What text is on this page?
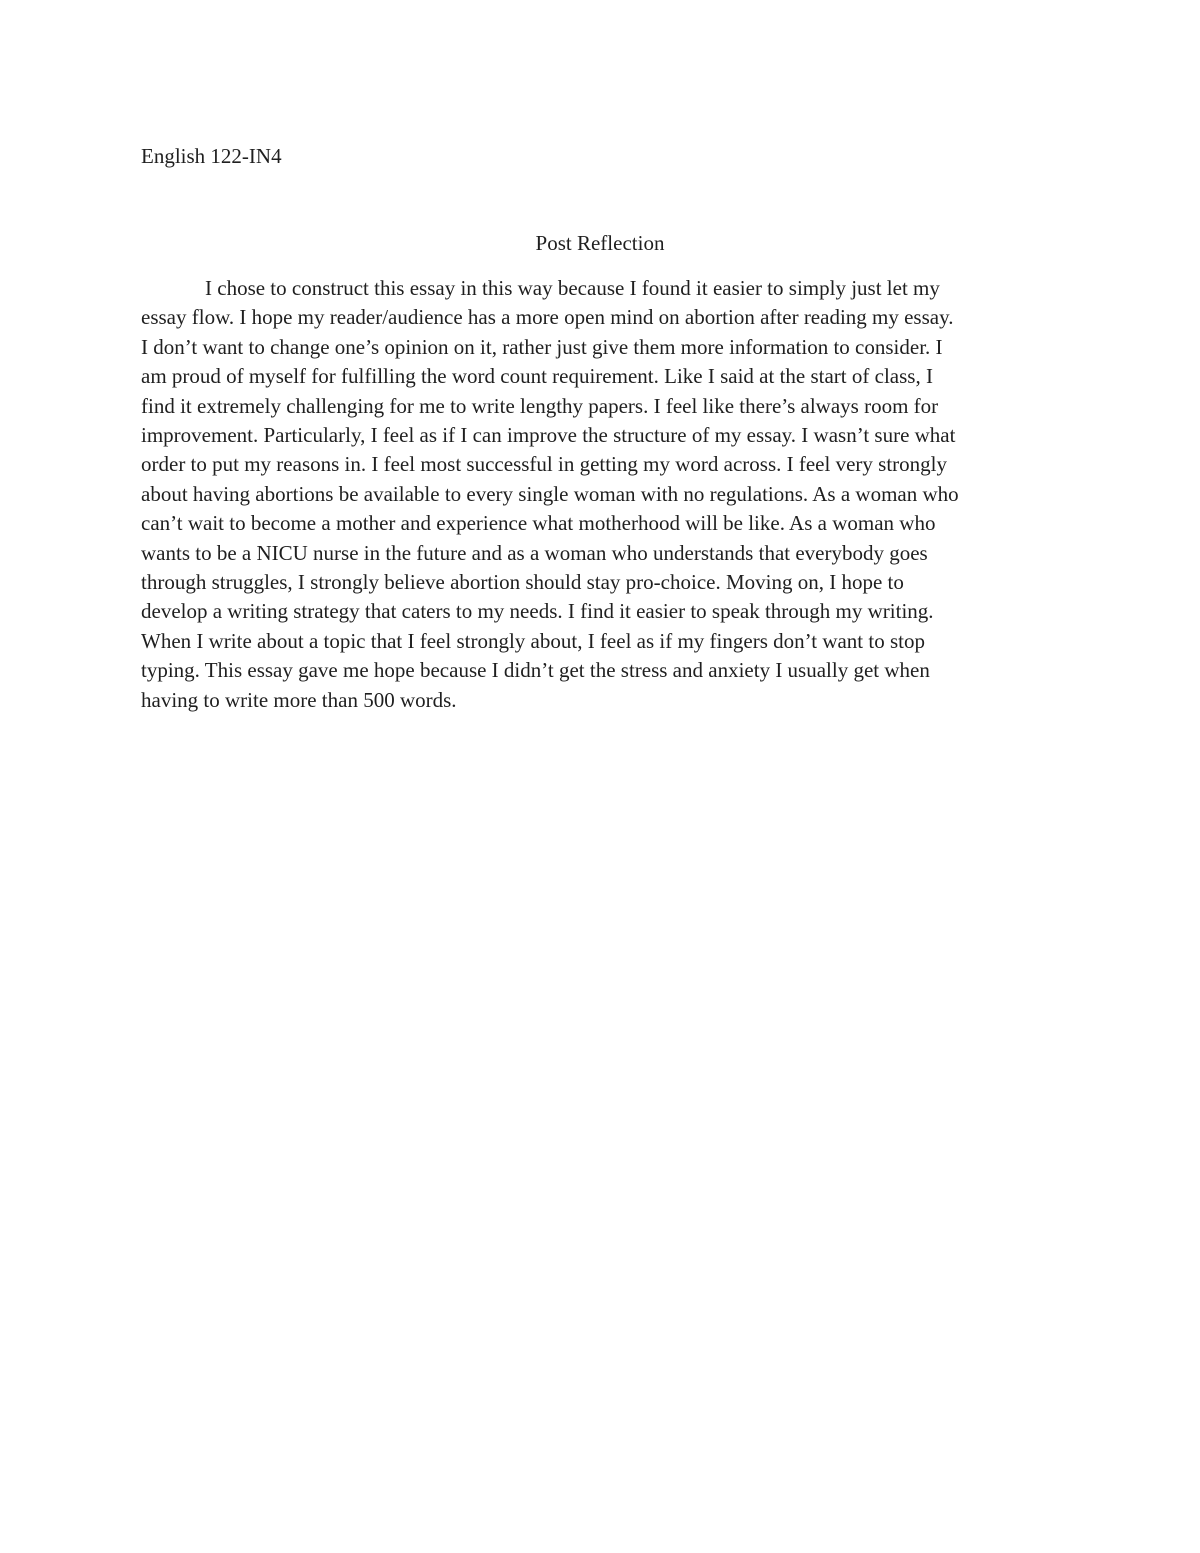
English 122-IN4

Post Reflection
I chose to construct this essay in this way because I found it easier to simply just let my
essay flow. I hope my reader/audience has a more open mind on abortion after reading my essay.
I don’t want to change one’s opinion on it, rather just give them more information to consider. I
am proud of myself for fulfilling the word count requirement. Like I said at the start of class, I
find it extremely challenging for me to write lengthy papers. I feel like there’s always room for
improvement. Particularly, I feel as if I can improve the structure of my essay. I wasn’t sure what
order to put my reasons in. I feel most successful in getting my word across. I feel very strongly
about having abortions be available to every single woman with no regulations. As a woman who
can’t wait to become a mother and experience what motherhood will be like. As a woman who
wants to be a NICU nurse in the future and as a woman who understands that everybody goes
through struggles, I strongly believe abortion should stay pro-choice. Moving on, I hope to
develop a writing strategy that caters to my needs. I find it easier to speak through my writing.
When I write about a topic that I feel strongly about, I feel as if my fingers don’t want to stop
typing. This essay gave me hope because I didn’t get the stress and anxiety I usually get when
having to write more than 500 words.
